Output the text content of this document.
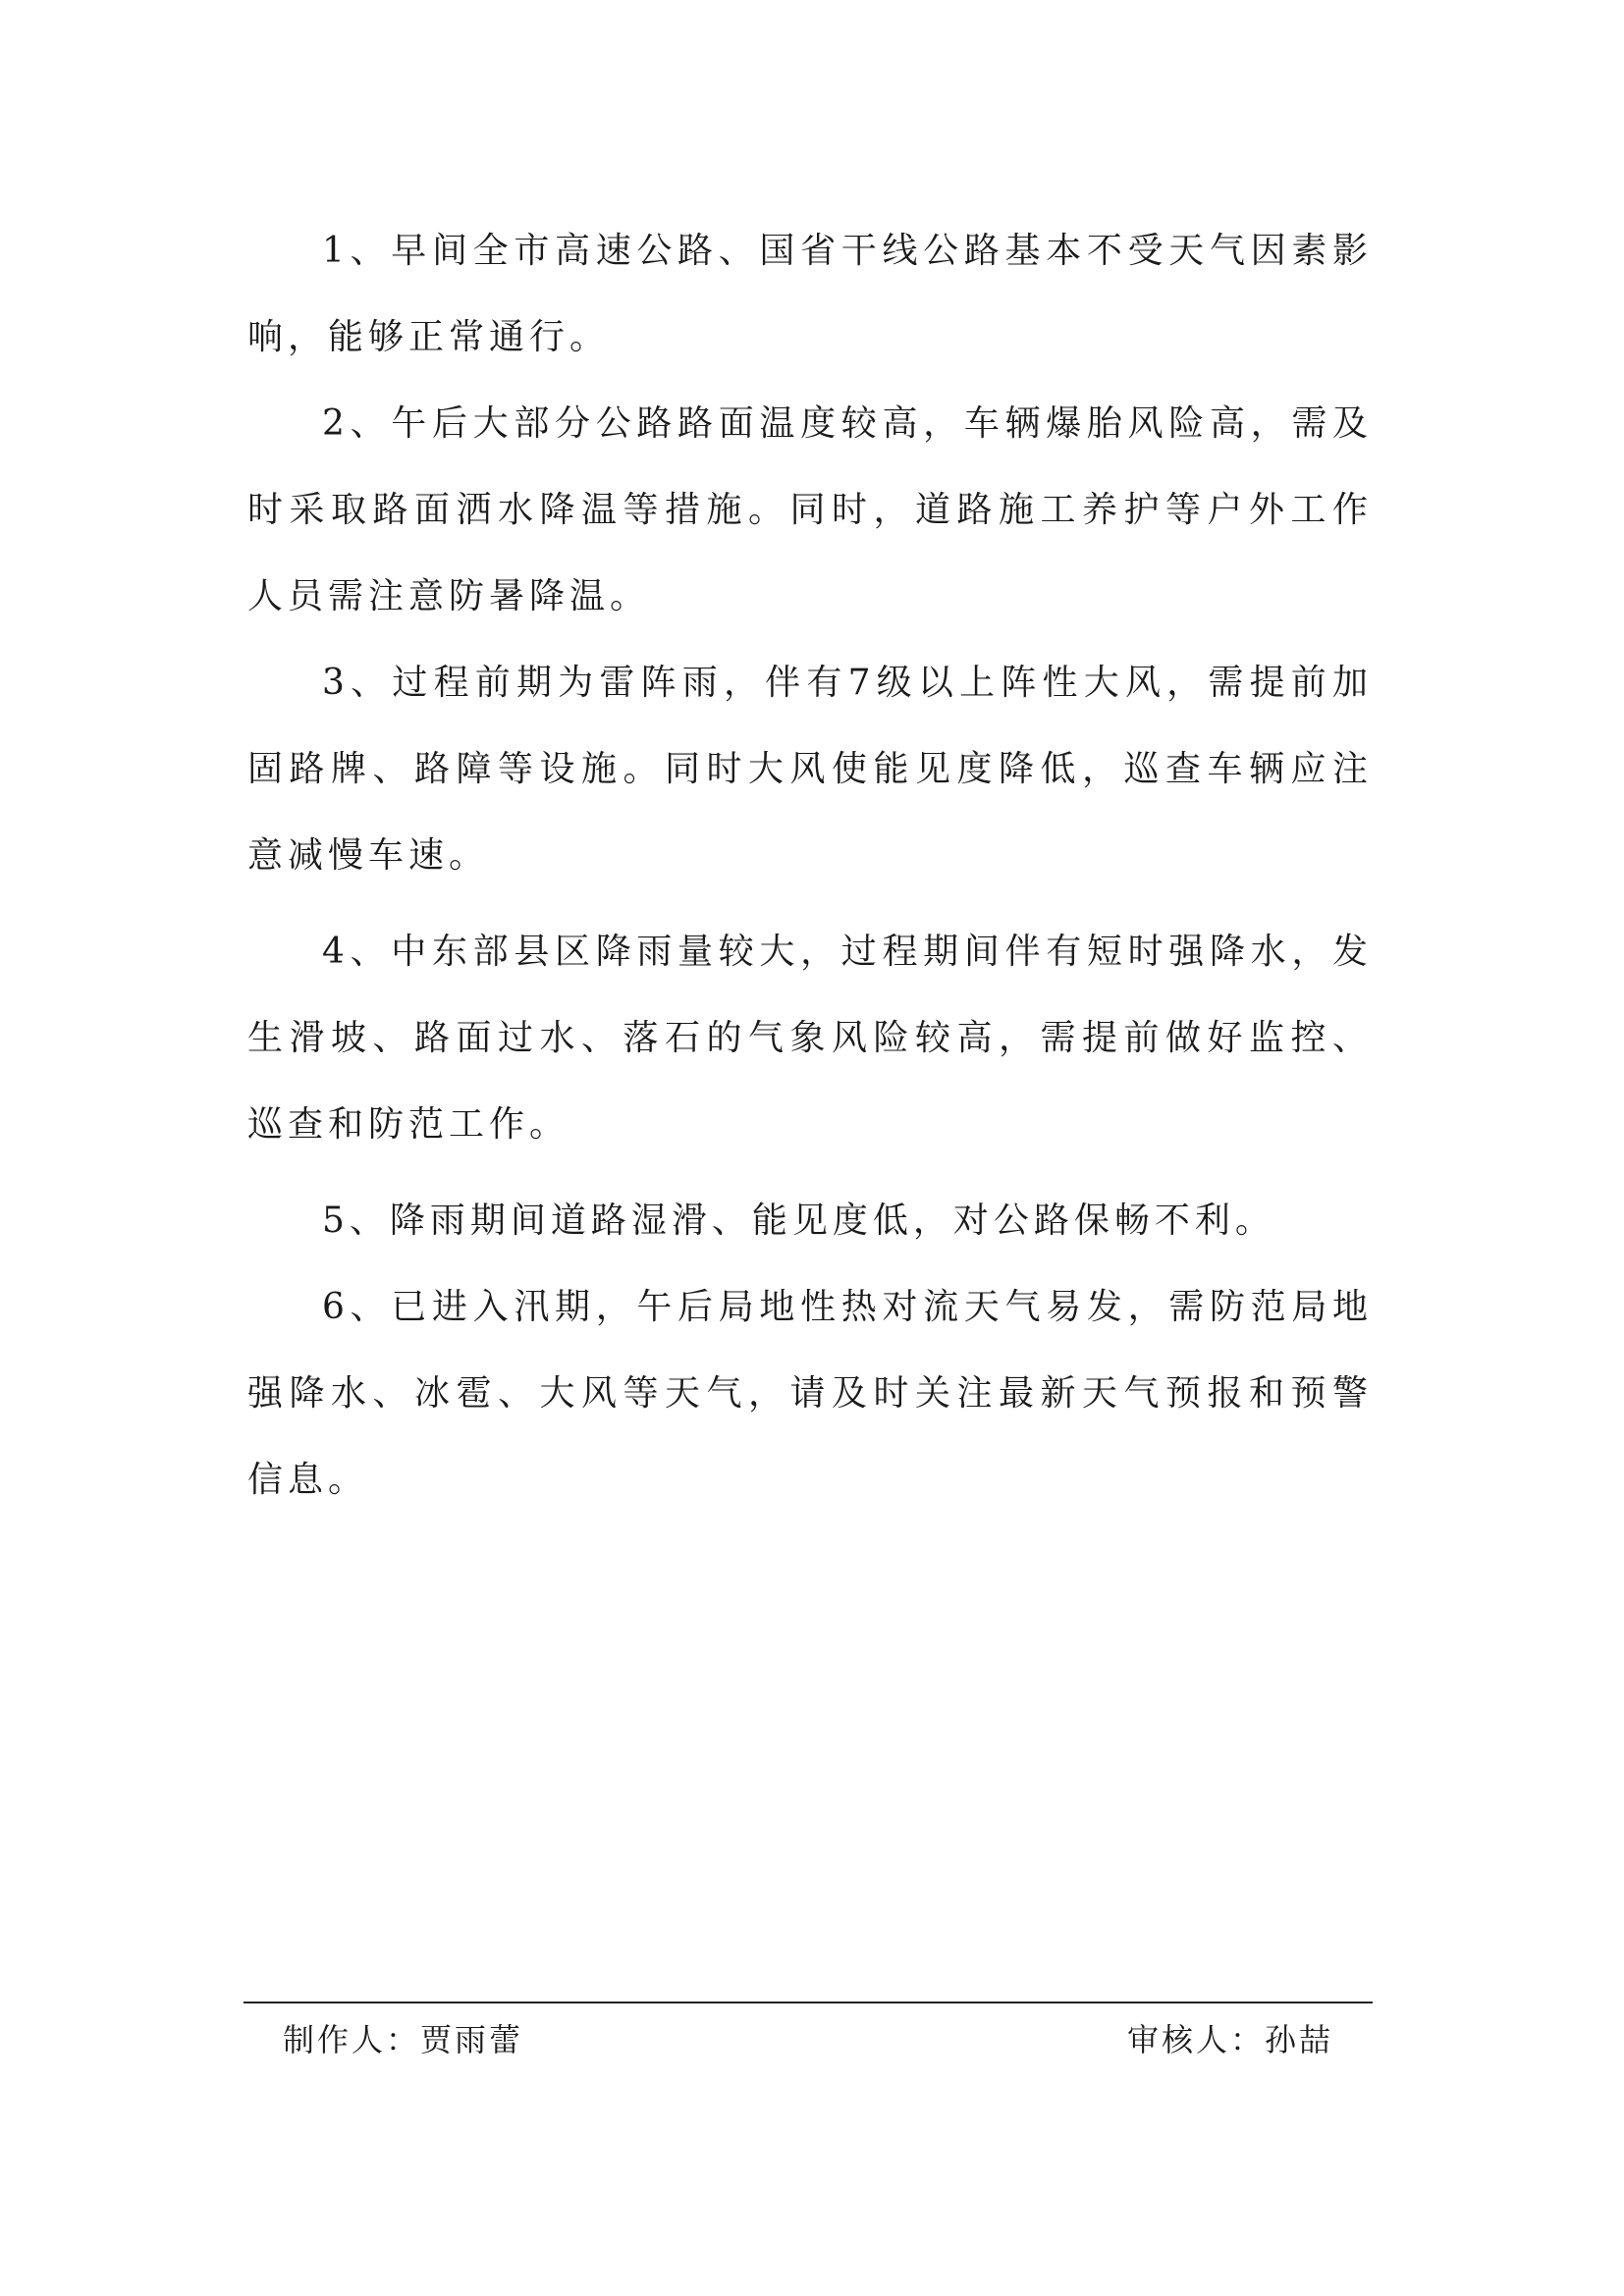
1、早间全市高速公路、国省干线公路基本不受天气因素影响，能够正常通行。

2、午后大部分公路路面温度较高，车辆爆胎风险高，需及时采取路面洒水降温等措施。同时，道路施工养护等户外工作人员需注意防暑降温。

3、过程前期为雷阵雨，伴有7级以上阵性大风，需提前加固路牌、路障等设施。同时大风使能见度降低，巡查车辆应注意减慢车速。

4、中东部县区降雨量较大，过程期间伴有短时强降水，发生滑坡、路面过水、落石的气象风险较高，需提前做好监控、巡查和防范工作。

5、降雨期间道路湿滑、能见度低，对公路保畅不利。

6、已进入汛期，午后局地性热对流天气易发，需防范局地强降水、冰雹、大风等天气，请及时关注最新天气预报和预警信息。

制作人：贾雨蕾	审核人：孙喆
